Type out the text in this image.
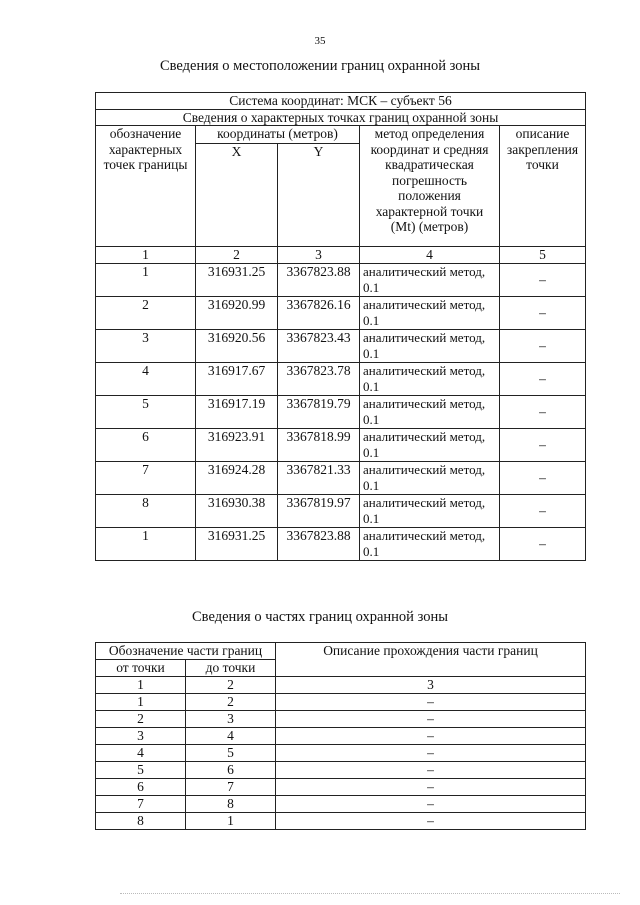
35
Сведения о местоположении границ охранной зоны
Система координат: МСК – субъект 56				
Сведения о характерных точках границ охранной зоны				
обозначение характерных точек границы	координаты (метров)		метод определения координат и средняя квадратическая погрешность положения характерной точки (Mt) (метров)	описание закрепления точки
	X	Y		
1	2	3	4	5
1	316931.25	3367823.88	аналитический метод, 0.1	–
2	316920.99	3367826.16	аналитический метод, 0.1	–
3	316920.56	3367823.43	аналитический метод, 0.1	–
4	316917.67	3367823.78	аналитический метод, 0.1	–
5	316917.19	3367819.79	аналитический метод, 0.1	–
6	316923.91	3367818.99	аналитический метод, 0.1	–
7	316924.28	3367821.33	аналитический метод, 0.1	–
8	316930.38	3367819.97	аналитический метод, 0.1	–
1	316931.25	3367823.88	аналитический метод, 0.1	–
Сведения о частях границ охранной зоны
Обозначение части границ		Описание прохождения части границ
от точки	до точки	
1	2	3
1	2	–
2	3	–
3	4	–
4	5	–
5	6	–
6	7	–
7	8	–
8	1	–
